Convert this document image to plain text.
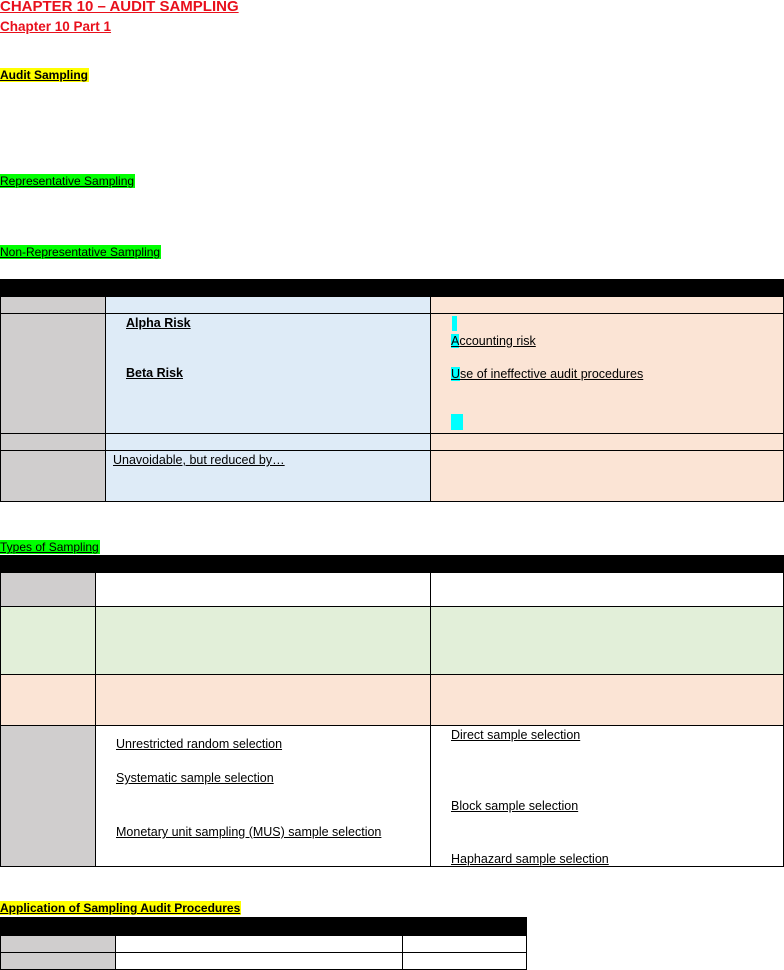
CHAPTER 10 – AUDIT SAMPLING
Chapter 10 Part 1
Audit Sampling
Representative Sampling
Non-Representative Sampling
Alpha Risk
Beta Risk
Accounting risk
Use of ineffective audit procedures
Unavoidable, but reduced by…
Types of Sampling
Unrestricted random selection
Systematic sample selection
Monetary unit sampling (MUS) sample selection
Direct sample selection
Block sample selection
Haphazard sample selection
Application of Sampling Audit Procedures
